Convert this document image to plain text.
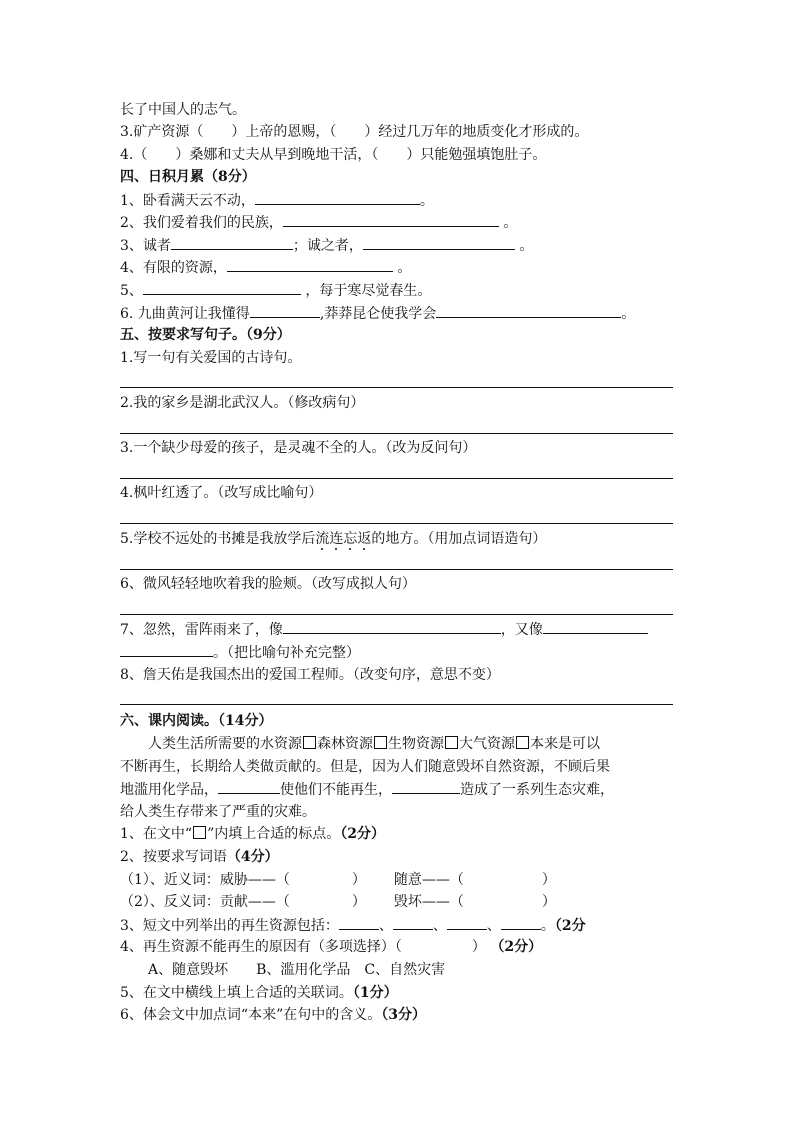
长了中国人的志气。
3.矿产资源（　　）上帝的恩赐，（　　）经过几万年的地质变化才形成的。
4.（　　）桑娜和丈夫从早到晚地干活，（　　）只能勉强填饱肚子。
四、日积月累（8分）
1、卧看满天云不动，	。
2、我们爱着我们的民族，	。
3、诚者	；诚之者，	。
4、有限的资源，	。
5、	，每于寒尽觉春生。
6. 九曲黄河让我懂得	,莽莽昆仑使我学会	。
五、按要求写句子。（9分）
1.写一句有关爱国的古诗句。
2.我的家乡是湖北武汉人。（修改病句）
3.一个缺少母爱的孩子，是灵魂不全的人。（改为反问句）
4.枫叶红透了。（改写成比喻句）
5.学校不远处的书摊是我放学后流连忘返的地方。（用加点词语造句）
6、微风轻轻地吹着我的脸颊。（改写成拟人句）
7、忽然，雷阵雨来了，像	，又像
。（把比喻句补充完整）
8、詹天佑是我国杰出的爱国工程师。（改变句序，意思不变）
六、课内阅读。（14分）
人类生活所需要的水资源 森林资源 生物资源 大气资源 本来是可以
不断再生，长期给人类做贡献的。但是，因为人们随意毁坏自然资源，不顾后果
地滥用化学品，	使他们不能再生，	造成了一系列生态灾难，
给人类生存带来了严重的灾难。
1、在文中“ ”内填上合适的标点。（2分）
2、按要求写词语（4分）
（1）、近义词：威胁——（	） 随意——（	）
（2）、反义词：贡献——（	） 毁坏——（	）
3、短文中列举出的再生资源包括：	、	、	、	。（2分
4、再生资源不能再生的原因有（多项选择）（	） （2分）
A、随意毁坏　　B、滥用化学品　C、自然灾害
5、在文中横线上填上合适的关联词。（1分）
6、体会文中加点词“本来”在句中的含义。（3分）
